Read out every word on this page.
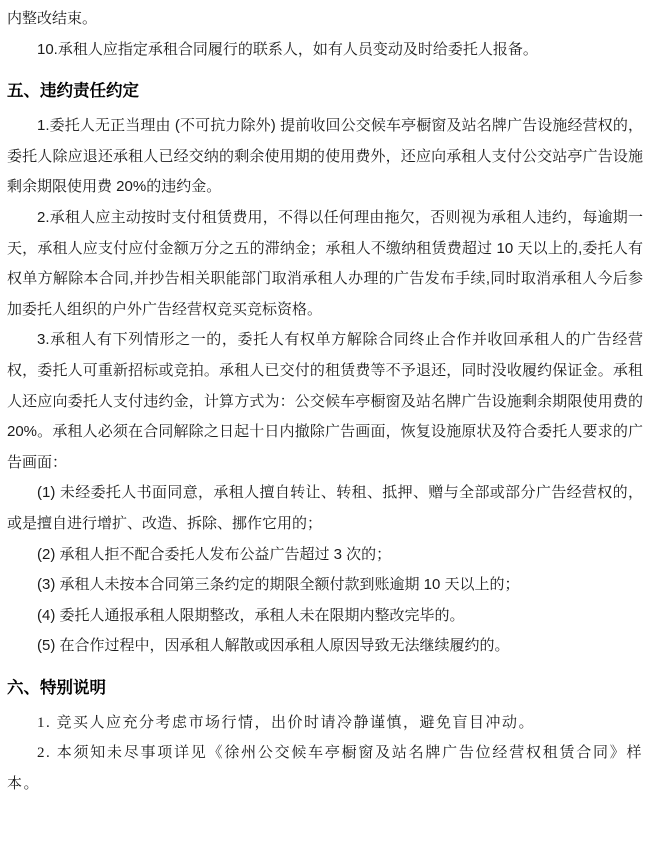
内整改结束。

10.承租人应指定承租合同履行的联系人，如有人员变动及时给委托人报备。

五、违约责任约定

1.委托人无正当理由 (不可抗力除外) 提前收回公交候车亭橱窗及站名牌广告设施经营权的，委托人除应退还承租人已经交纳的剩余使用期的使用费外，还应向承租人支付公交站亭广告设施剩余期限使用费 20%的违约金。

2.承租人应主动按时支付租赁费用，不得以任何理由拖欠，否则视为承租人违约，每逾期一天，承租人应支付应付金额万分之五的滞纳金；承租人不缴纳租赁费超过 10 天以上的,委托人有权单方解除本合同,并抄告相关职能部门取消承租人办理的广告发布手续,同时取消承租人今后参加委托人组织的户外广告经营权竞买竞标资格。

3.承租人有下列情形之一的，委托人有权单方解除合同终止合作并收回承租人的广告经营权，委托人可重新招标或竞拍。承租人已交付的租赁费等不予退还，同时没收履约保证金。承租人还应向委托人支付违约金，计算方式为：公交候车亭橱窗及站名牌广告设施剩余期限使用费的 20%。承租人必须在合同解除之日起十日内撤除广告画面，恢复设施原状及符合委托人要求的广告画面：

(1) 未经委托人书面同意，承租人擅自转让、转租、抵押、赠与全部或部分广告经营权的，或是擅自进行增扩、改造、拆除、挪作它用的；

(2) 承租人拒不配合委托人发布公益广告超过 3 次的；

(3) 承租人未按本合同第三条约定的期限全额付款到账逾期 10 天以上的；

(4) 委托人通报承租人限期整改，承租人未在限期内整改完毕的。

(5) 在合作过程中，因承租人解散或因承租人原因导致无法继续履约的。

六、特别说明

1. 竞买人应充分考虑市场行情，出价时请冷静谨慎，避免盲目冲动。

2. 本须知未尽事项详见《徐州公交候车亭橱窗及站名牌广告位经营权租赁合同》样本。
